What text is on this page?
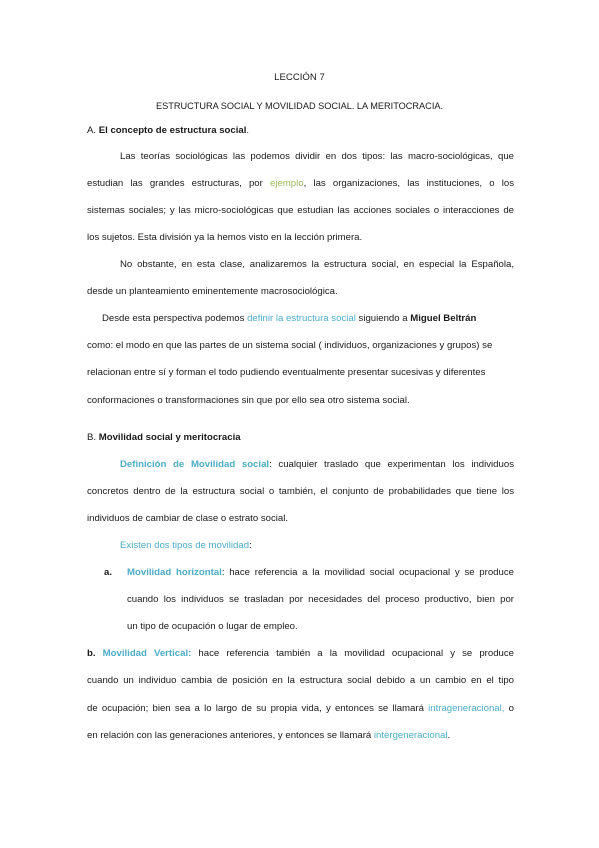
LECCIÓN 7
ESTRUCTURA SOCIAL Y MOVILIDAD SOCIAL. LA MERITOCRACIA.
A. El concepto de estructura social.
Las teorías sociológicas las podemos dividir en dos tipos: las macro-sociológicas, que
estudian las grandes estructuras, por ejemplo, las organizaciones, las instituciones, o los
sistemas sociales; y las micro-sociológicas que estudian las acciones sociales o interacciones de
los sujetos. Esta división ya la hemos visto en la lección primera.
No obstante, en esta clase, analizaremos la estructura social, en especial la Española,
desde un planteamiento eminentemente macrosociológica.
Desde esta perspectiva podemos definir la estructura social siguiendo a Miguel Beltrán
como: el modo en que las partes de un sistema social ( individuos, organizaciones y grupos) se
relacionan entre sí y forman el todo pudiendo eventualmente presentar sucesivas y diferentes
conformaciones o transformaciones sin que por ello sea otro sistema social.
B. Movilidad social y meritocracia
Definición de Movilidad social: cualquier traslado que experimentan los individuos
concretos dentro de la estructura social o también, el conjunto de probabilidades que tiene los
individuos de cambiar de clase o estrato social.
Existen dos tipos de movilidad:
a. Movilidad horizontal: hace referencia a la movilidad social ocupacional y se produce
cuando los individuos se trasladan por necesidades del proceso productivo, bien por
un tipo de ocupación o lugar de empleo.
b. Movilidad Vertical: hace referencia también a la movilidad ocupacional y se produce
cuando un individuo cambia de posición en la estructura social debido a un cambio en el tipo
de ocupación; bien sea a lo largo de su propia vida, y entonces se llamará intrageneracional, o
en relación con las generaciones anteriores, y entonces se llamará intergeneracional.
